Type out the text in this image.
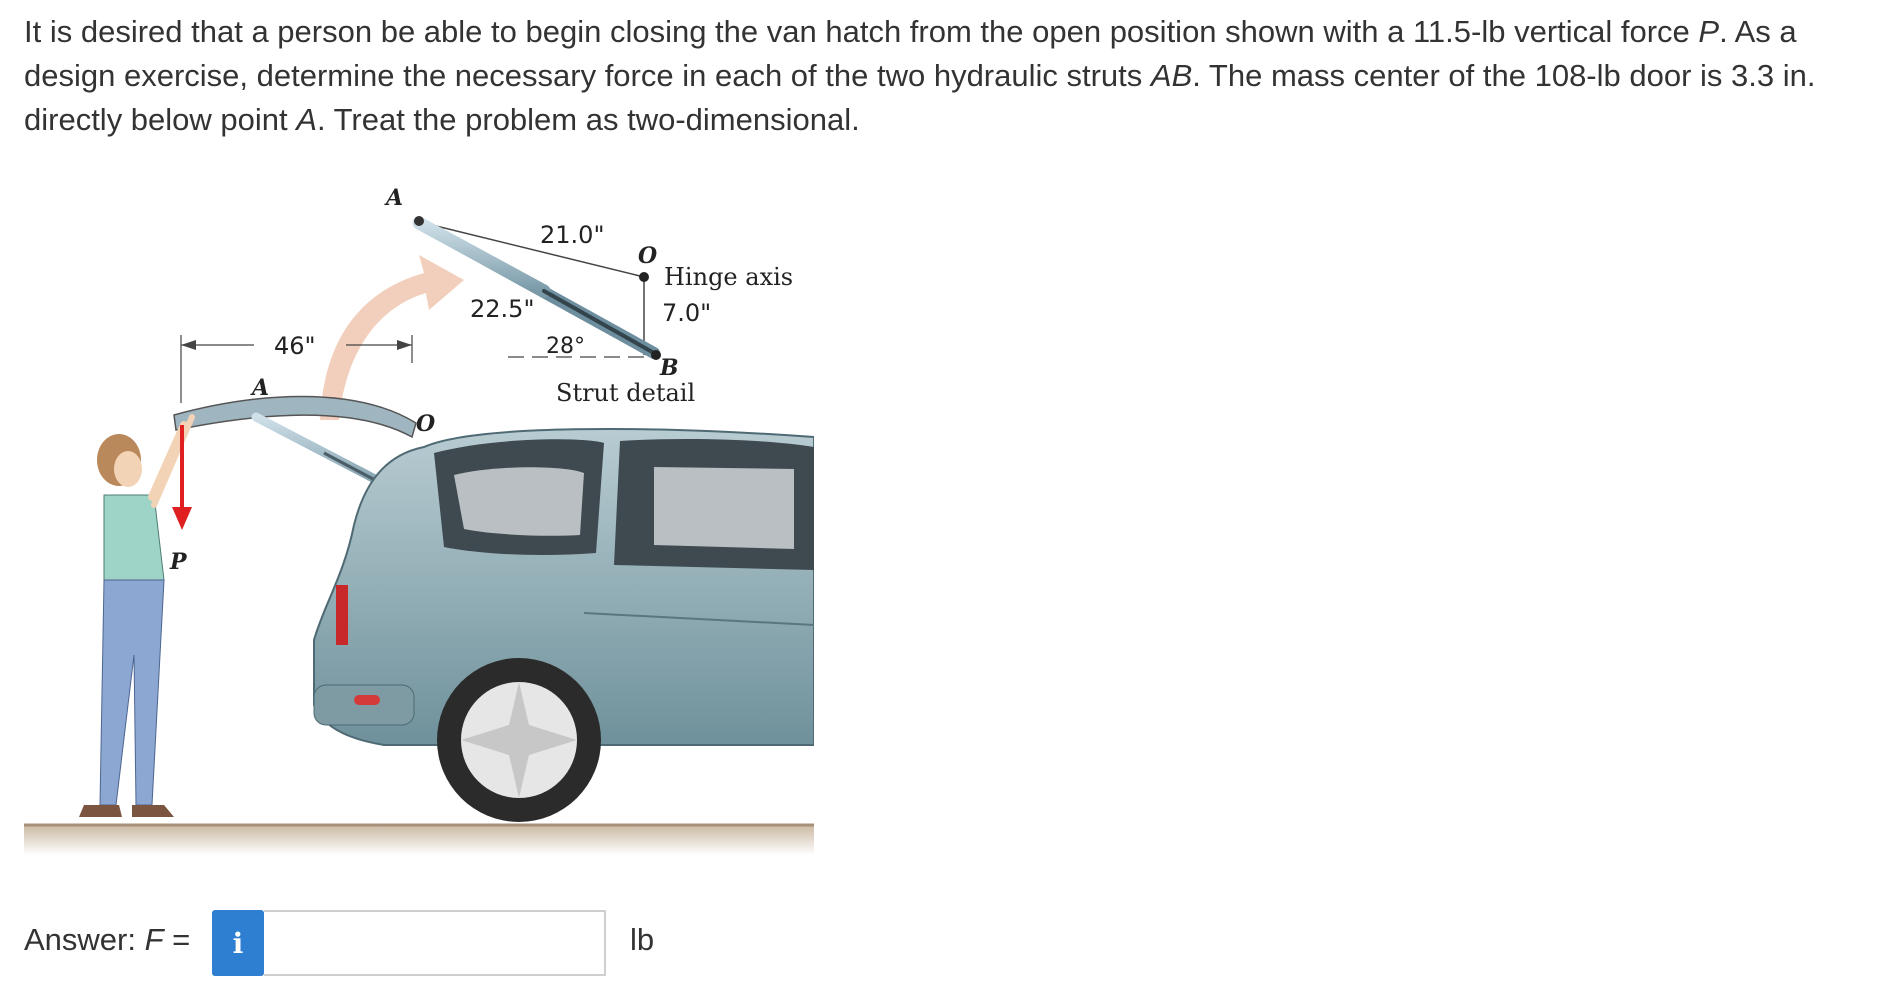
It is desired that a person be able to begin closing the van hatch from the open position shown with a 11.5-lb vertical force P. As a design exercise, determine the necessary force in each of the two hydraulic struts AB. The mass center of the 108-lb door is 3.3 in. directly below point A. Treat the problem as two-dimensional.

A
21.0"
O
Hinge axis
22.5"	7.0"
28°
B
Strut detail
46"
A
O
P
Answer: F =	i	lb
